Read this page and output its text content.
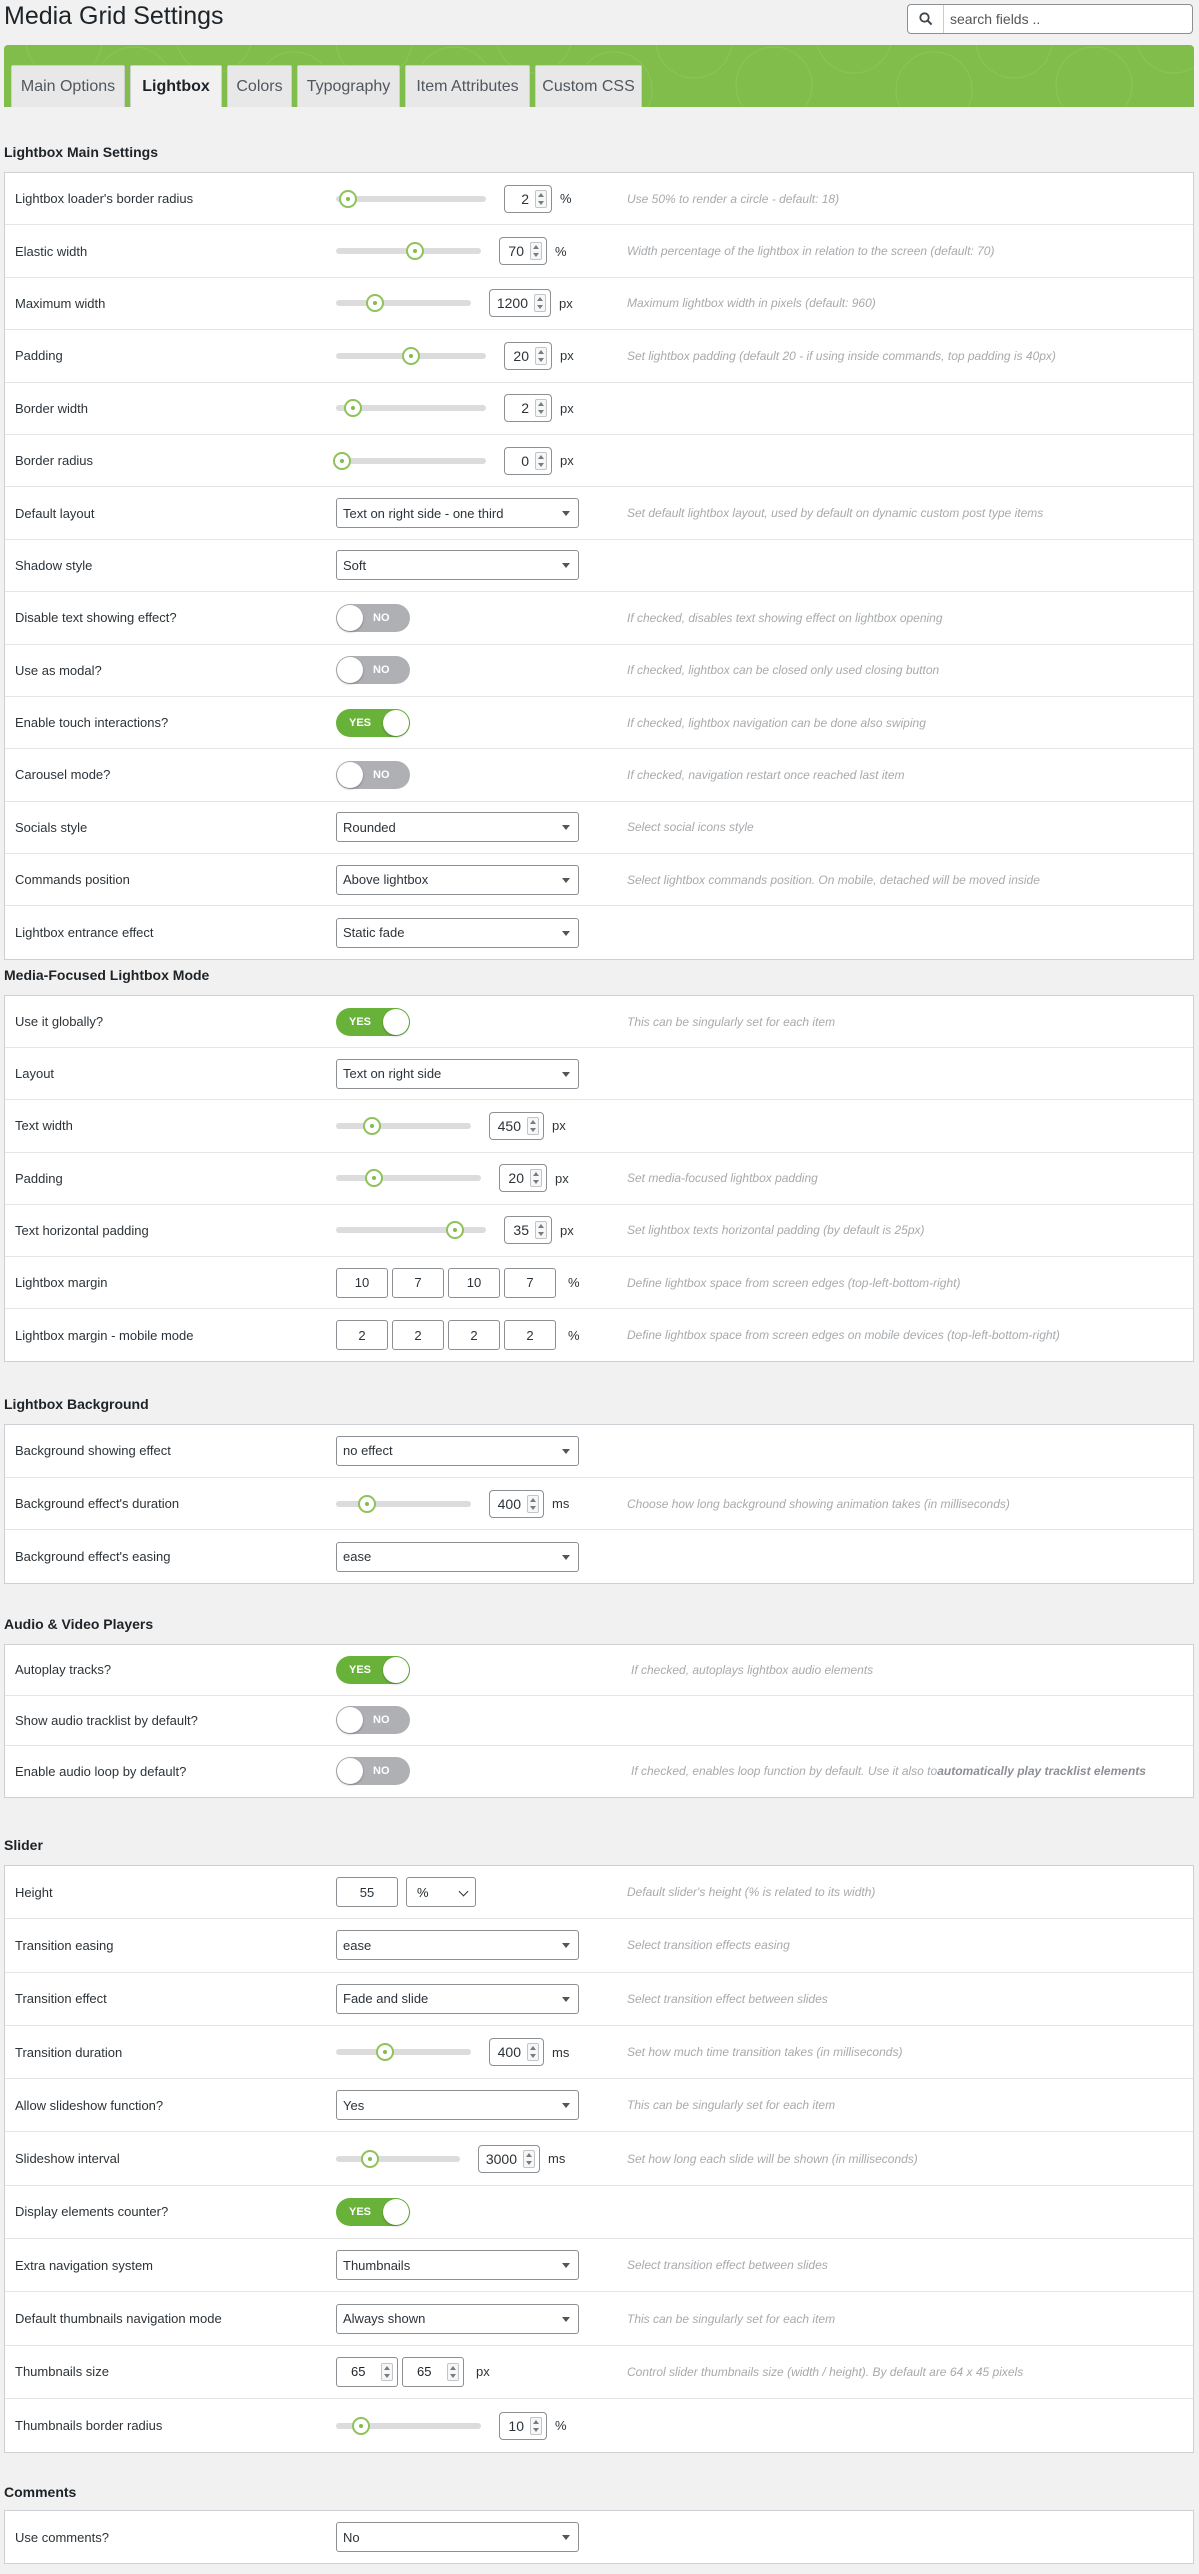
Media Grid Settings
search fields ..
Main Options	Lightbox	Colors	Typography	Item Attributes	Custom CSS
Lightbox Main Settings
Lightbox loader's border radius	2	%	Use 50% to render a circle - default: 18)
Elastic width	70	%	Width percentage of the lightbox in relation to the screen (default: 70)
Maximum width	1200	px	Maximum lightbox width in pixels (default: 960)
Padding	20	px	Set lightbox padding (default 20 - if using inside commands, top padding is 40px)
Border width	2	px
Border radius	0	px
Default layout	Text on right side - one third	Set default lightbox layout, used by default on dynamic custom post type items
Shadow style	Soft
Disable text showing effect?	NO	If checked, disables text showing effect on lightbox opening
Use as modal?	NO	If checked, lightbox can be closed only used closing button
Enable touch interactions?	YES	If checked, lightbox navigation can be done also swiping
Carousel mode?	NO	If checked, navigation restart once reached last item
Socials style	Rounded	Select social icons style
Commands position	Above lightbox	Select lightbox commands position. On mobile, detached will be moved inside
Lightbox entrance effect	Static fade
Media-Focused Lightbox Mode
Use it globally?	YES	This can be singularly set for each item
Layout	Text on right side
Text width	450	px
Padding	20	px	Set media-focused lightbox padding
Text horizontal padding	35	px	Set lightbox texts horizontal padding (by default is 25px)
Lightbox margin	10	7	10	7	%	Define lightbox space from screen edges (top-left-bottom-right)
Lightbox margin - mobile mode	2	2	2	2	%	Define lightbox space from screen edges on mobile devices (top-left-bottom-right)
Lightbox Background
Background showing effect	no effect
Background effect's duration	400	ms	Choose how long background showing animation takes (in milliseconds)
Background effect's easing	ease
Audio & Video Players
Autoplay tracks?	YES	If checked, autoplays lightbox audio elements
Show audio tracklist by default?	NO
Enable audio loop by default?	NO	If checked, enables loop function by default. Use it also to automatically play tracklist elements
Slider
Height	55	%	Default slider's height (% is related to its width)
Transition easing	ease	Select transition effects easing
Transition effect	Fade and slide	Select transition effect between slides
Transition duration	400	ms	Set how much time transition takes (in milliseconds)
Allow slideshow function?	Yes	This can be singularly set for each item
Slideshow interval	3000	ms	Set how long each slide will be shown (in milliseconds)
Display elements counter?	YES
Extra navigation system	Thumbnails	Select transition effect between slides
Default thumbnails navigation mode	Always shown	This can be singularly set for each item
Thumbnails size	65	65	px	Control slider thumbnails size (width / height). By default are 64 x 45 pixels
Thumbnails border radius	10	%
Comments
Use comments?	No
